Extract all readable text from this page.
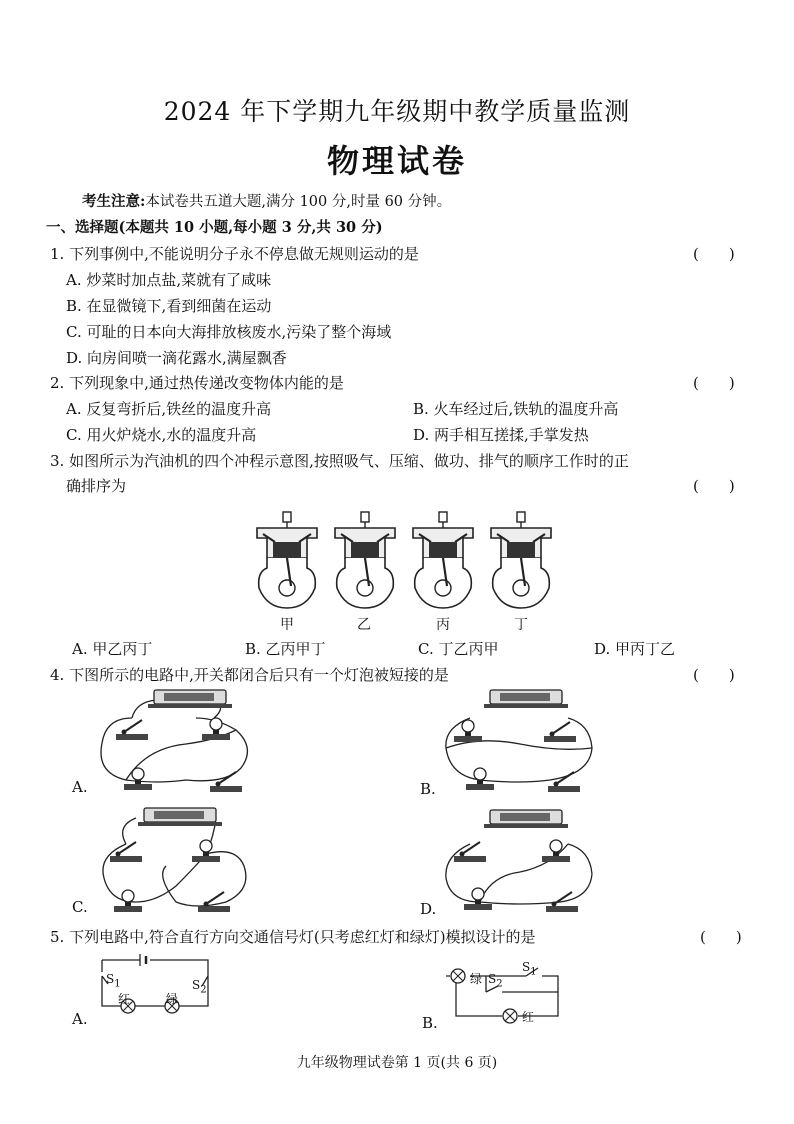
2024 年下学期九年级期中教学质量监测
物理试卷
考生注意:本试卷共五道大题,满分 100 分,时量 60 分钟。
一、选择题(本题共 10 小题,每小题 3 分,共 30 分)
1. 下列事例中,不能说明分子永不停息做无规则运动的是	(　　)
A. 炒菜时加点盐,菜就有了咸味
B. 在显微镜下,看到细菌在运动
C. 可耻的日本向大海排放核废水,污染了整个海域
D. 向房间喷一滴花露水,满屋飘香
2. 下列现象中,通过热传递改变物体内能的是	(　　)
A. 反复弯折后,铁丝的温度升高	B. 火车经过后,铁轨的温度升高
C. 用火炉烧水,水的温度升高	D. 两手相互搓揉,手掌发热
3. 如图所示为汽油机的四个冲程示意图,按照吸气、压缩、做功、排气的顺序工作时的正
确排序为	(　　)
甲	乙	丙	丁
A. 甲乙丙丁	B. 乙丙甲丁	C. 丁乙丙甲	D. 甲丙丁乙
4. 下图所示的电路中,开关都闭合后只有一个灯泡被短接的是	(　　)
A.	B.
C.	D.
5. 下列电路中,符合直行方向交通信号灯(只考虑红灯和绿灯)模拟设计的是	(　　)
$S_1$	$S_2$
红	绿
A.
绿 $S_2$
$S_1$
红
B.
九年级物理试卷第 1 页(共 6 页)
